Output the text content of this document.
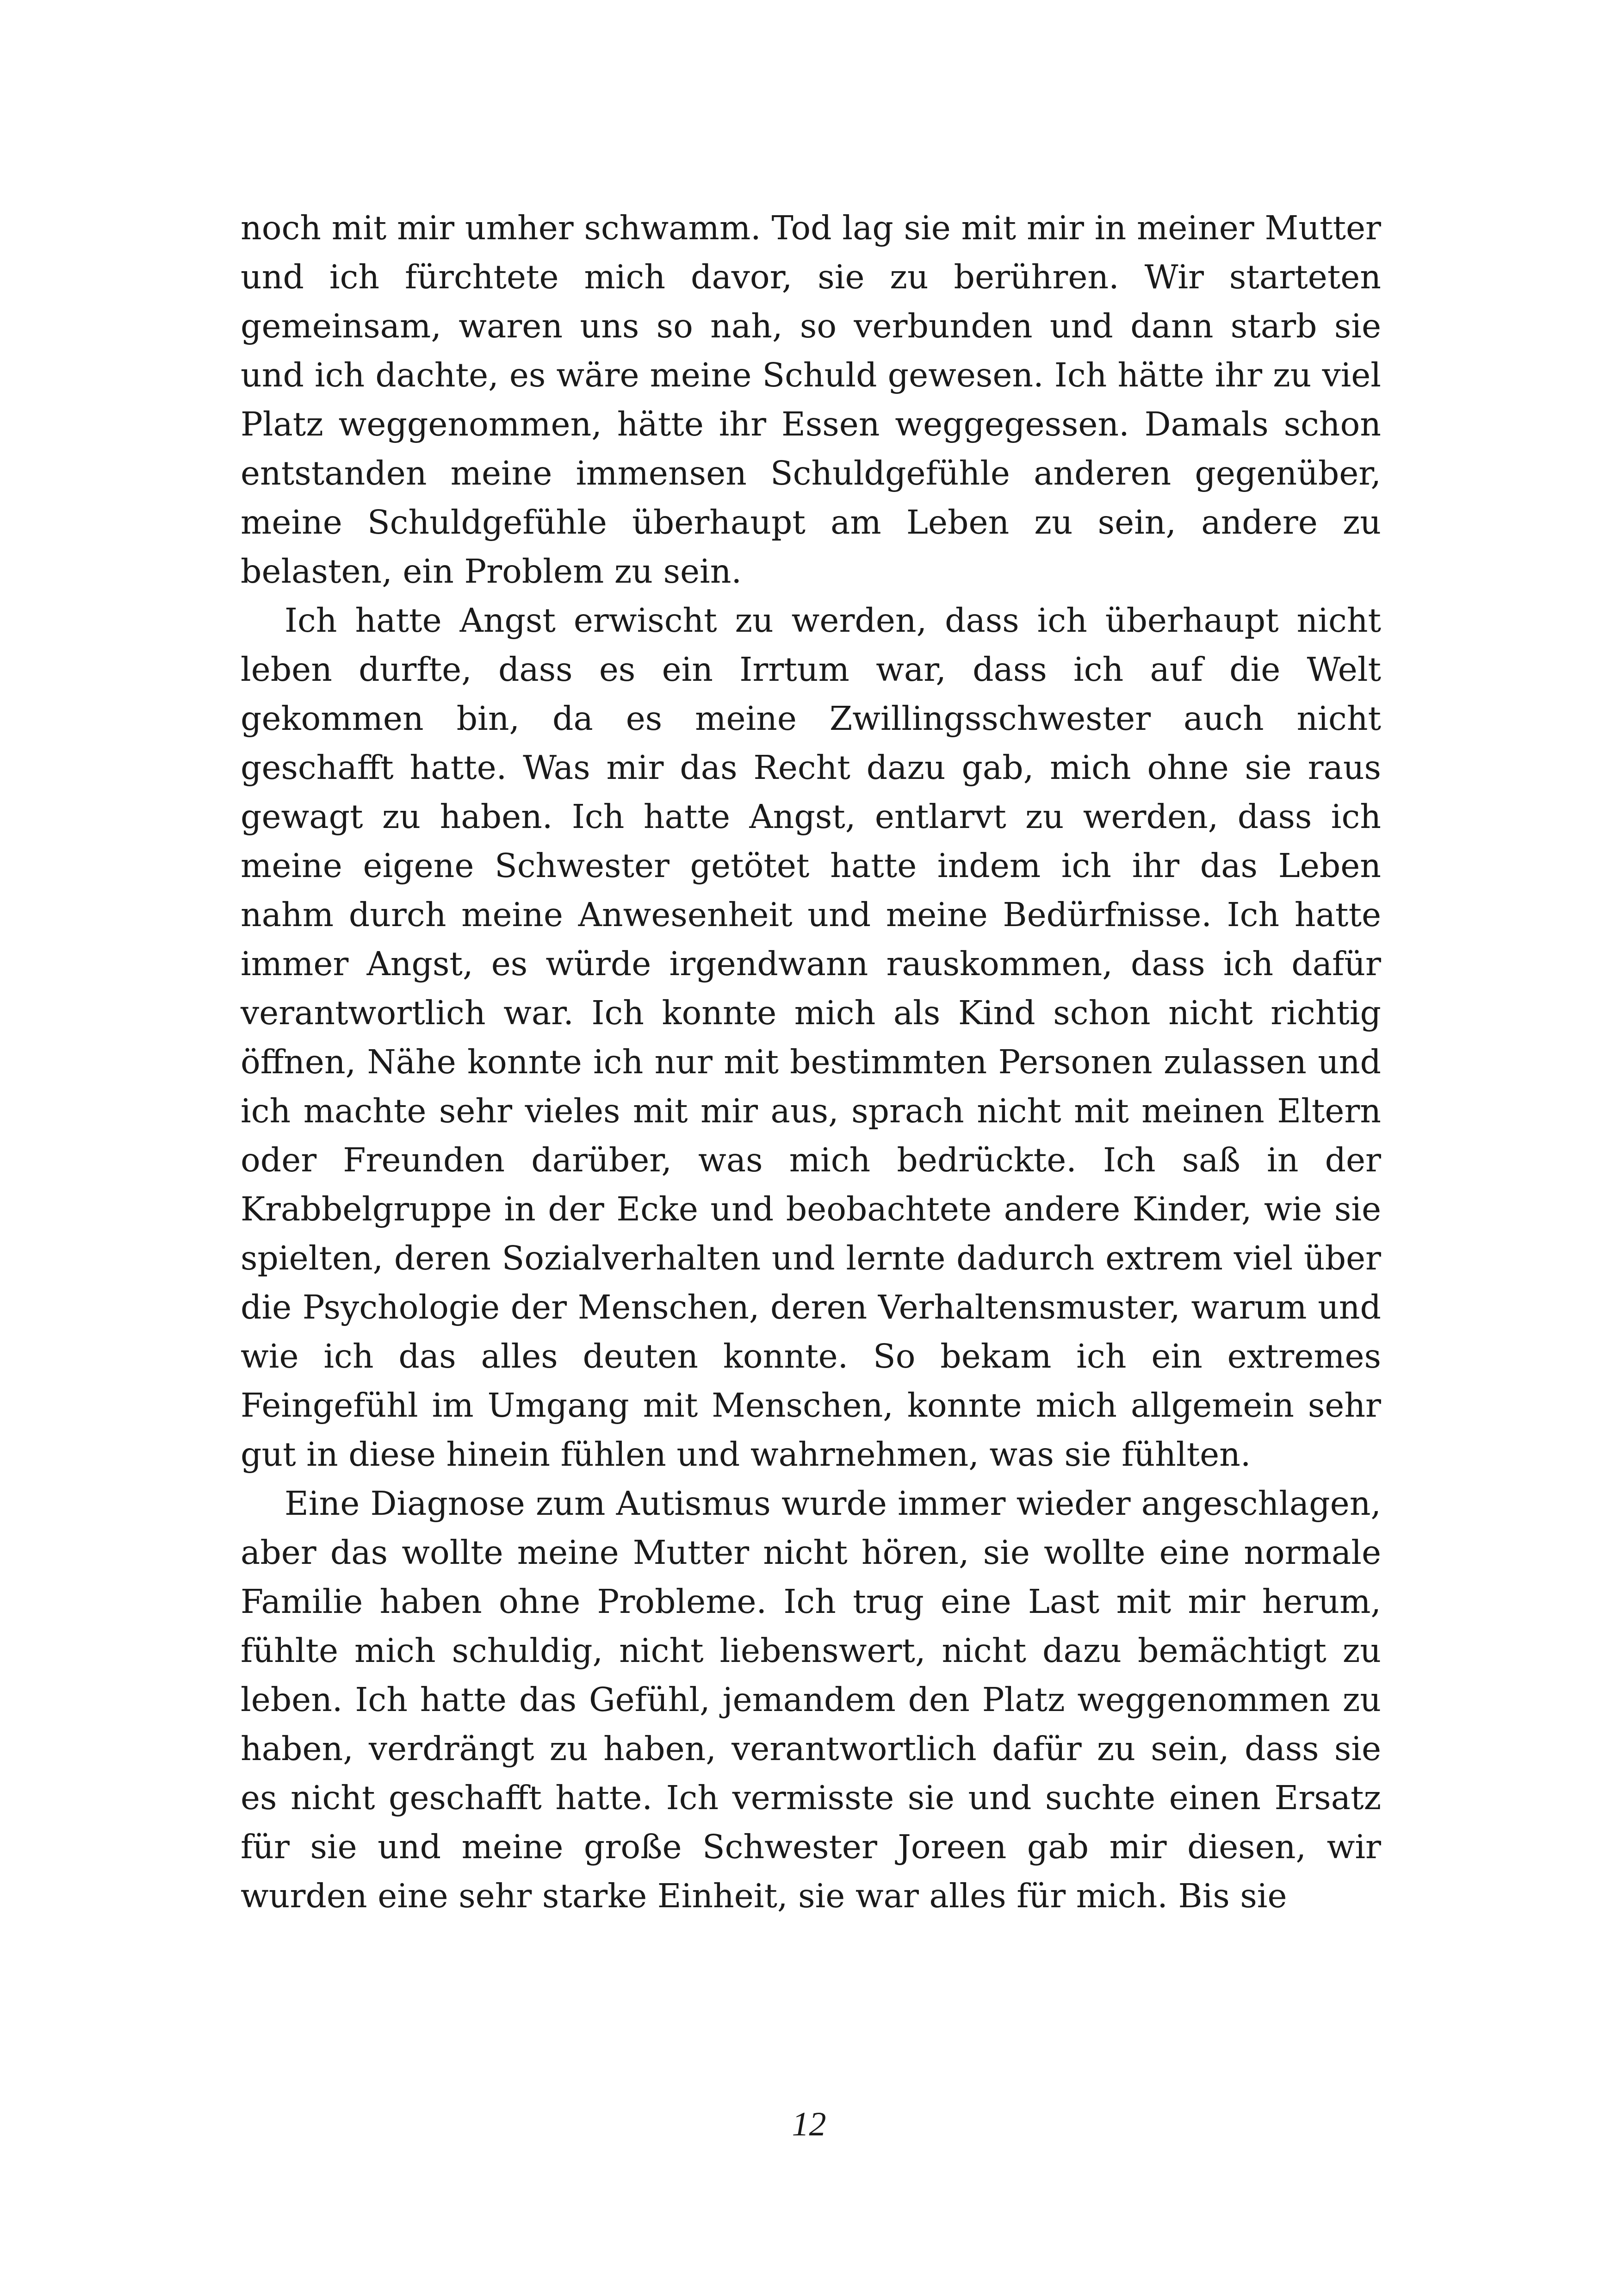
noch mit mir umher schwamm. Tod lag sie mit mir in meiner Mutter und ich fürchtete mich davor, sie zu berühren. Wir starteten gemeinsam, waren uns so nah, so verbunden und dann starb sie und ich dachte, es wäre meine Schuld gewesen. Ich hätte ihr zu viel Platz weggenommen, hätte ihr Essen weggegessen. Damals schon entstanden meine immensen Schuldgefühle anderen gegenüber, meine Schuldgefühle überhaupt am Leben zu sein, andere zu belasten, ein Problem zu sein.

Ich hatte Angst erwischt zu werden, dass ich überhaupt nicht leben durfte, dass es ein Irrtum war, dass ich auf die Welt gekommen bin, da es meine Zwillingsschwester auch nicht geschafft hatte. Was mir das Recht dazu gab, mich ohne sie raus gewagt zu haben. Ich hatte Angst, entlarvt zu werden, dass ich meine eigene Schwester getötet hatte indem ich ihr das Leben nahm durch meine Anwesenheit und meine Bedürfnisse. Ich hatte immer Angst, es würde irgendwann rauskommen, dass ich dafür verantwortlich war. Ich konnte mich als Kind schon nicht richtig öffnen, Nähe konnte ich nur mit bestimmten Personen zulassen und ich machte sehr vieles mit mir aus, sprach nicht mit meinen Eltern oder Freunden darüber, was mich bedrückte. Ich saß in der Krabbelgruppe in der Ecke und beobachtete andere Kinder, wie sie spielten, deren Sozialverhalten und lernte dadurch extrem viel über die Psychologie der Menschen, deren Verhaltensmuster, warum und wie ich das alles deuten konnte. So bekam ich ein extremes Feingefühl im Umgang mit Menschen, konnte mich allgemein sehr gut in diese hinein fühlen und wahrnehmen, was sie fühlten.

Eine Diagnose zum Autismus wurde immer wieder angeschlagen, aber das wollte meine Mutter nicht hören, sie wollte eine normale Familie haben ohne Probleme. Ich trug eine Last mit mir herum, fühlte mich schuldig, nicht liebenswert, nicht dazu bemächtigt zu leben. Ich hatte das Gefühl, jemandem den Platz weggenommen zu haben, verdrängt zu haben, verantwortlich dafür zu sein, dass sie es nicht geschafft hatte. Ich vermisste sie und suchte einen Ersatz für sie und meine große Schwester Joreen gab mir diesen, wir wurden eine sehr starke Einheit, sie war alles für mich. Bis sie

12
